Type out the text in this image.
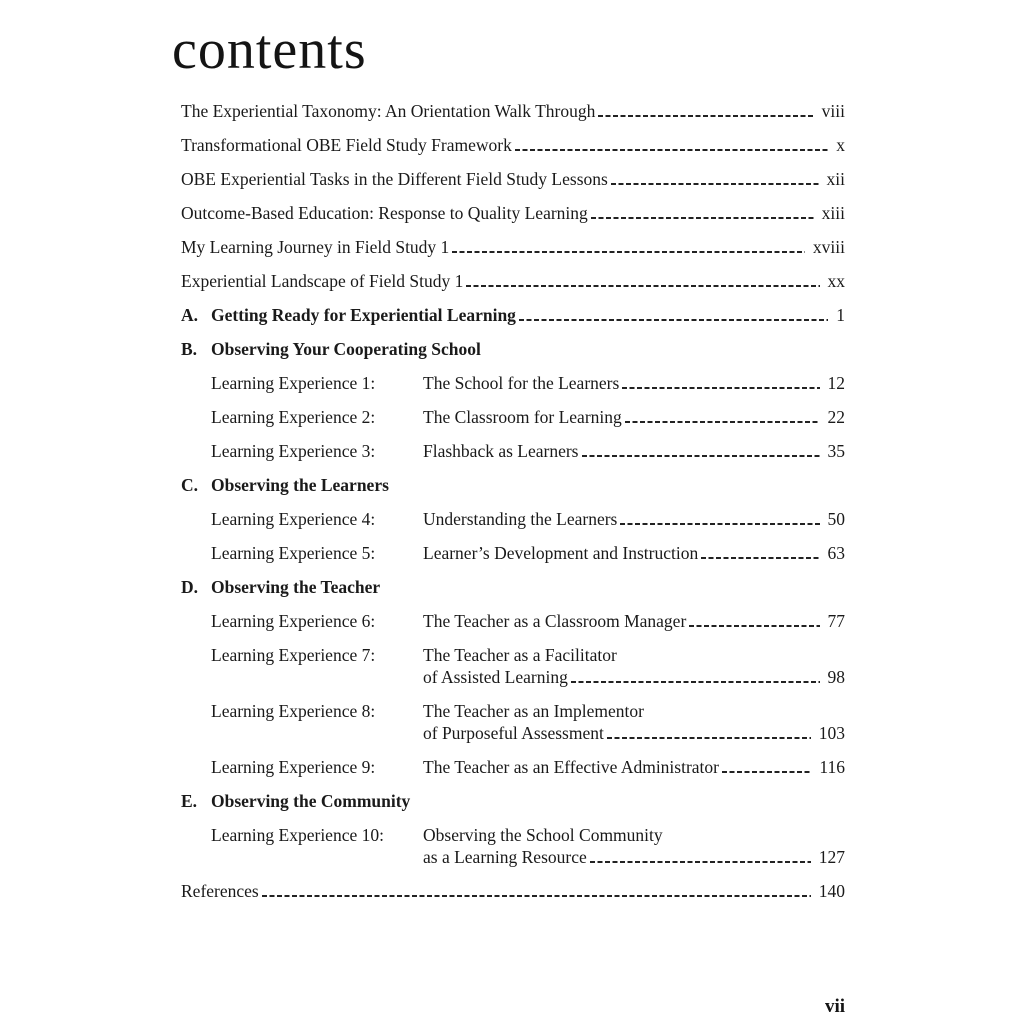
contents
The Experiential Taxonomy: An Orientation Walk Through	viii
Transformational OBE Field Study Framework	x
OBE Experiential Tasks in the Different Field Study Lessons	xii
Outcome-Based Education: Response to Quality Learning	xiii
My Learning Journey in Field Study 1	xviii
Experiential Landscape of Field Study 1	xx
A. Getting Ready for Experiential Learning	1
B. Observing Your Cooperating School
Learning Experience 1:	The School for the Learners	12
Learning Experience 2:	The Classroom for Learning	22
Learning Experience 3:	Flashback as Learners	35
C. Observing the Learners
Learning Experience 4:	Understanding the Learners	50
Learning Experience 5:	Learner’s Development and Instruction	63
D. Observing the Teacher
Learning Experience 6:	The Teacher as a Classroom Manager	77
Learning Experience 7:	The Teacher as a Facilitator
of Assisted Learning	98
Learning Experience 8:	The Teacher as an Implementor
of Purposeful Assessment	103
Learning Experience 9:	The Teacher as an Effective Administrator	116
E. Observing the Community
Learning Experience 10:	Observing the School Community
as a Learning Resource	127
References	140
vii
